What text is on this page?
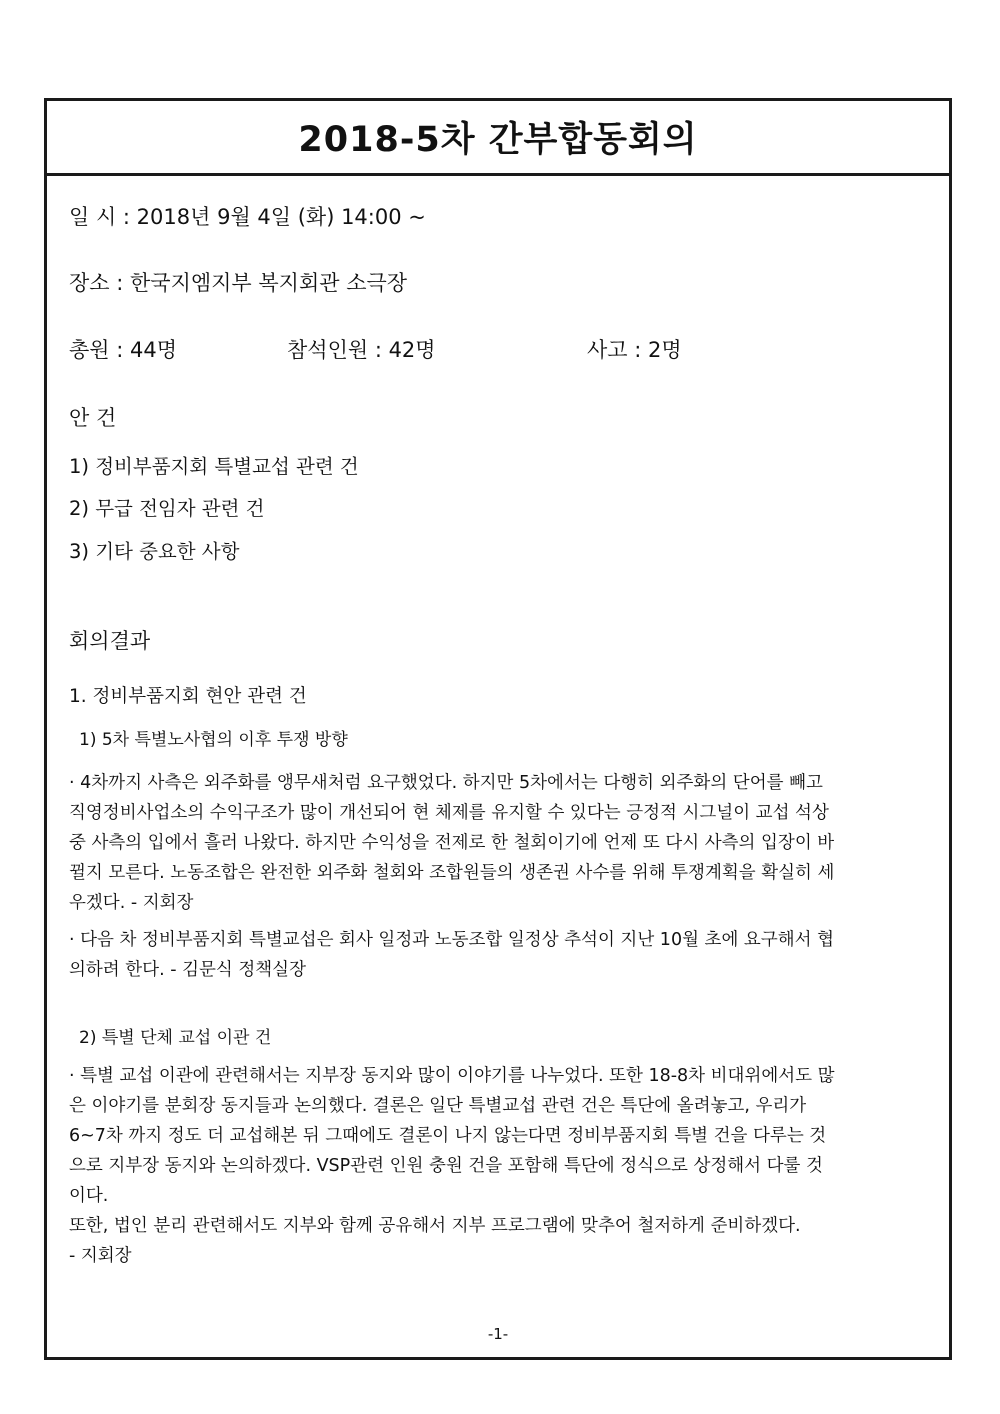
2018-5차 간부합동회의
일 시 : 2018년 9월 4일 (화) 14:00 ~
장소 : 한국지엠지부 복지회관 소극장
총원 : 44명	참석인원 : 42명	사고 : 2명
안 건
1) 정비부품지회 특별교섭 관련 건
2) 무급 전임자 관련 건
3) 기타 중요한 사항
회의결과
1. 정비부품지회 현안 관련 건
1) 5차 특별노사협의 이후 투쟁 방향
· 4차까지 사측은 외주화를 앵무새처럼 요구했었다. 하지만 5차에서는 다행히 외주화의 단어를 빼고
직영정비사업소의 수익구조가 많이 개선되어 현 체제를 유지할 수 있다는 긍정적 시그널이 교섭 석상
중 사측의 입에서 흘러 나왔다. 하지만 수익성을 전제로 한 철회이기에 언제 또 다시 사측의 입장이 바
뀔지 모른다. 노동조합은 완전한 외주화 철회와 조합원들의 생존권 사수를 위해 투쟁계획을 확실히 세
우겠다. - 지회장
· 다음 차 정비부품지회 특별교섭은 회사 일정과 노동조합 일정상 추석이 지난 10월 초에 요구해서 협
의하려 한다. - 김문식 정책실장
2) 특별 단체 교섭 이관 건
· 특별 교섭 이관에 관련해서는 지부장 동지와 많이 이야기를 나누었다. 또한 18-8차 비대위에서도 많
은 이야기를 분회장 동지들과 논의했다. 결론은 일단 특별교섭 관련 건은 특단에 올려놓고, 우리가
6~7차 까지 정도 더 교섭해본 뒤 그때에도 결론이 나지 않는다면 정비부품지회 특별 건을 다루는 것
으로 지부장 동지와 논의하겠다. VSP관련 인원 충원 건을 포함해 특단에 정식으로 상정해서 다룰 것
이다.
또한, 법인 분리 관련해서도 지부와 함께 공유해서 지부 프로그램에 맞추어 철저하게 준비하겠다.
- 지회장
-1-
